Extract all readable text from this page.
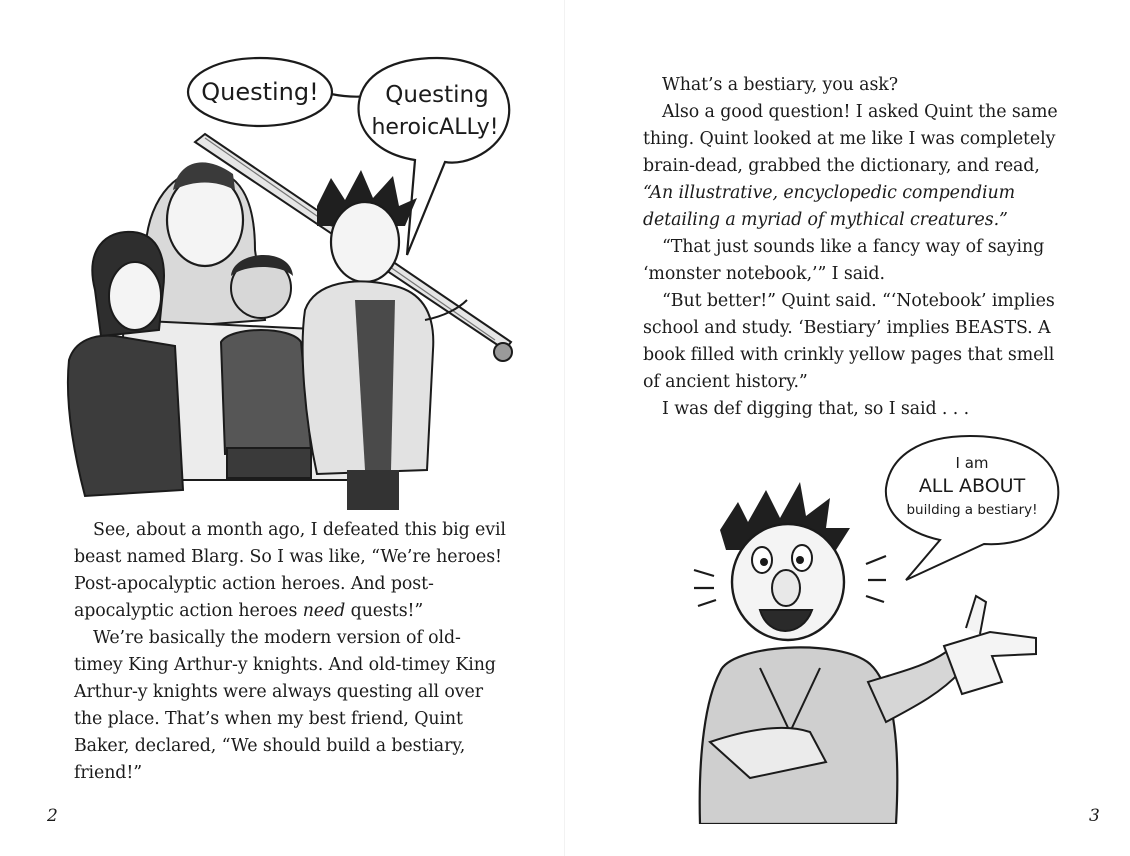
Questing!	Questing
heroicALLy!
See, about a month ago, I defeated this big evil
beast named Blarg. So I was like, “We’re heroes!
Post-apocalyptic action heroes. And post-
apocalyptic action heroes need quests!”
We’re basically the modern version of old-
timey King Arthur-y knights. And old-timey King
Arthur-y knights were always questing all over
the place. That’s when my best friend, Quint
Baker, declared, “We should build a bestiary,
friend!”
2
What’s a bestiary, you ask?
Also a good question! I asked Quint the same
thing. Quint looked at me like I was completely
brain-dead, grabbed the dictionary, and read,
“An illustrative, encyclopedic compendium
detailing a myriad of mythical creatures.”
“That just sounds like a fancy way of saying
‘monster notebook,’” I said.
“But better!” Quint said. “‘Notebook’ implies
school and study. ‘Bestiary’ implies BEASTS. A
book filled with crinkly yellow pages that smell
of ancient history.”
I was def digging that, so I said . . .
I am
ALL ABOUT
building a bestiary!
3
